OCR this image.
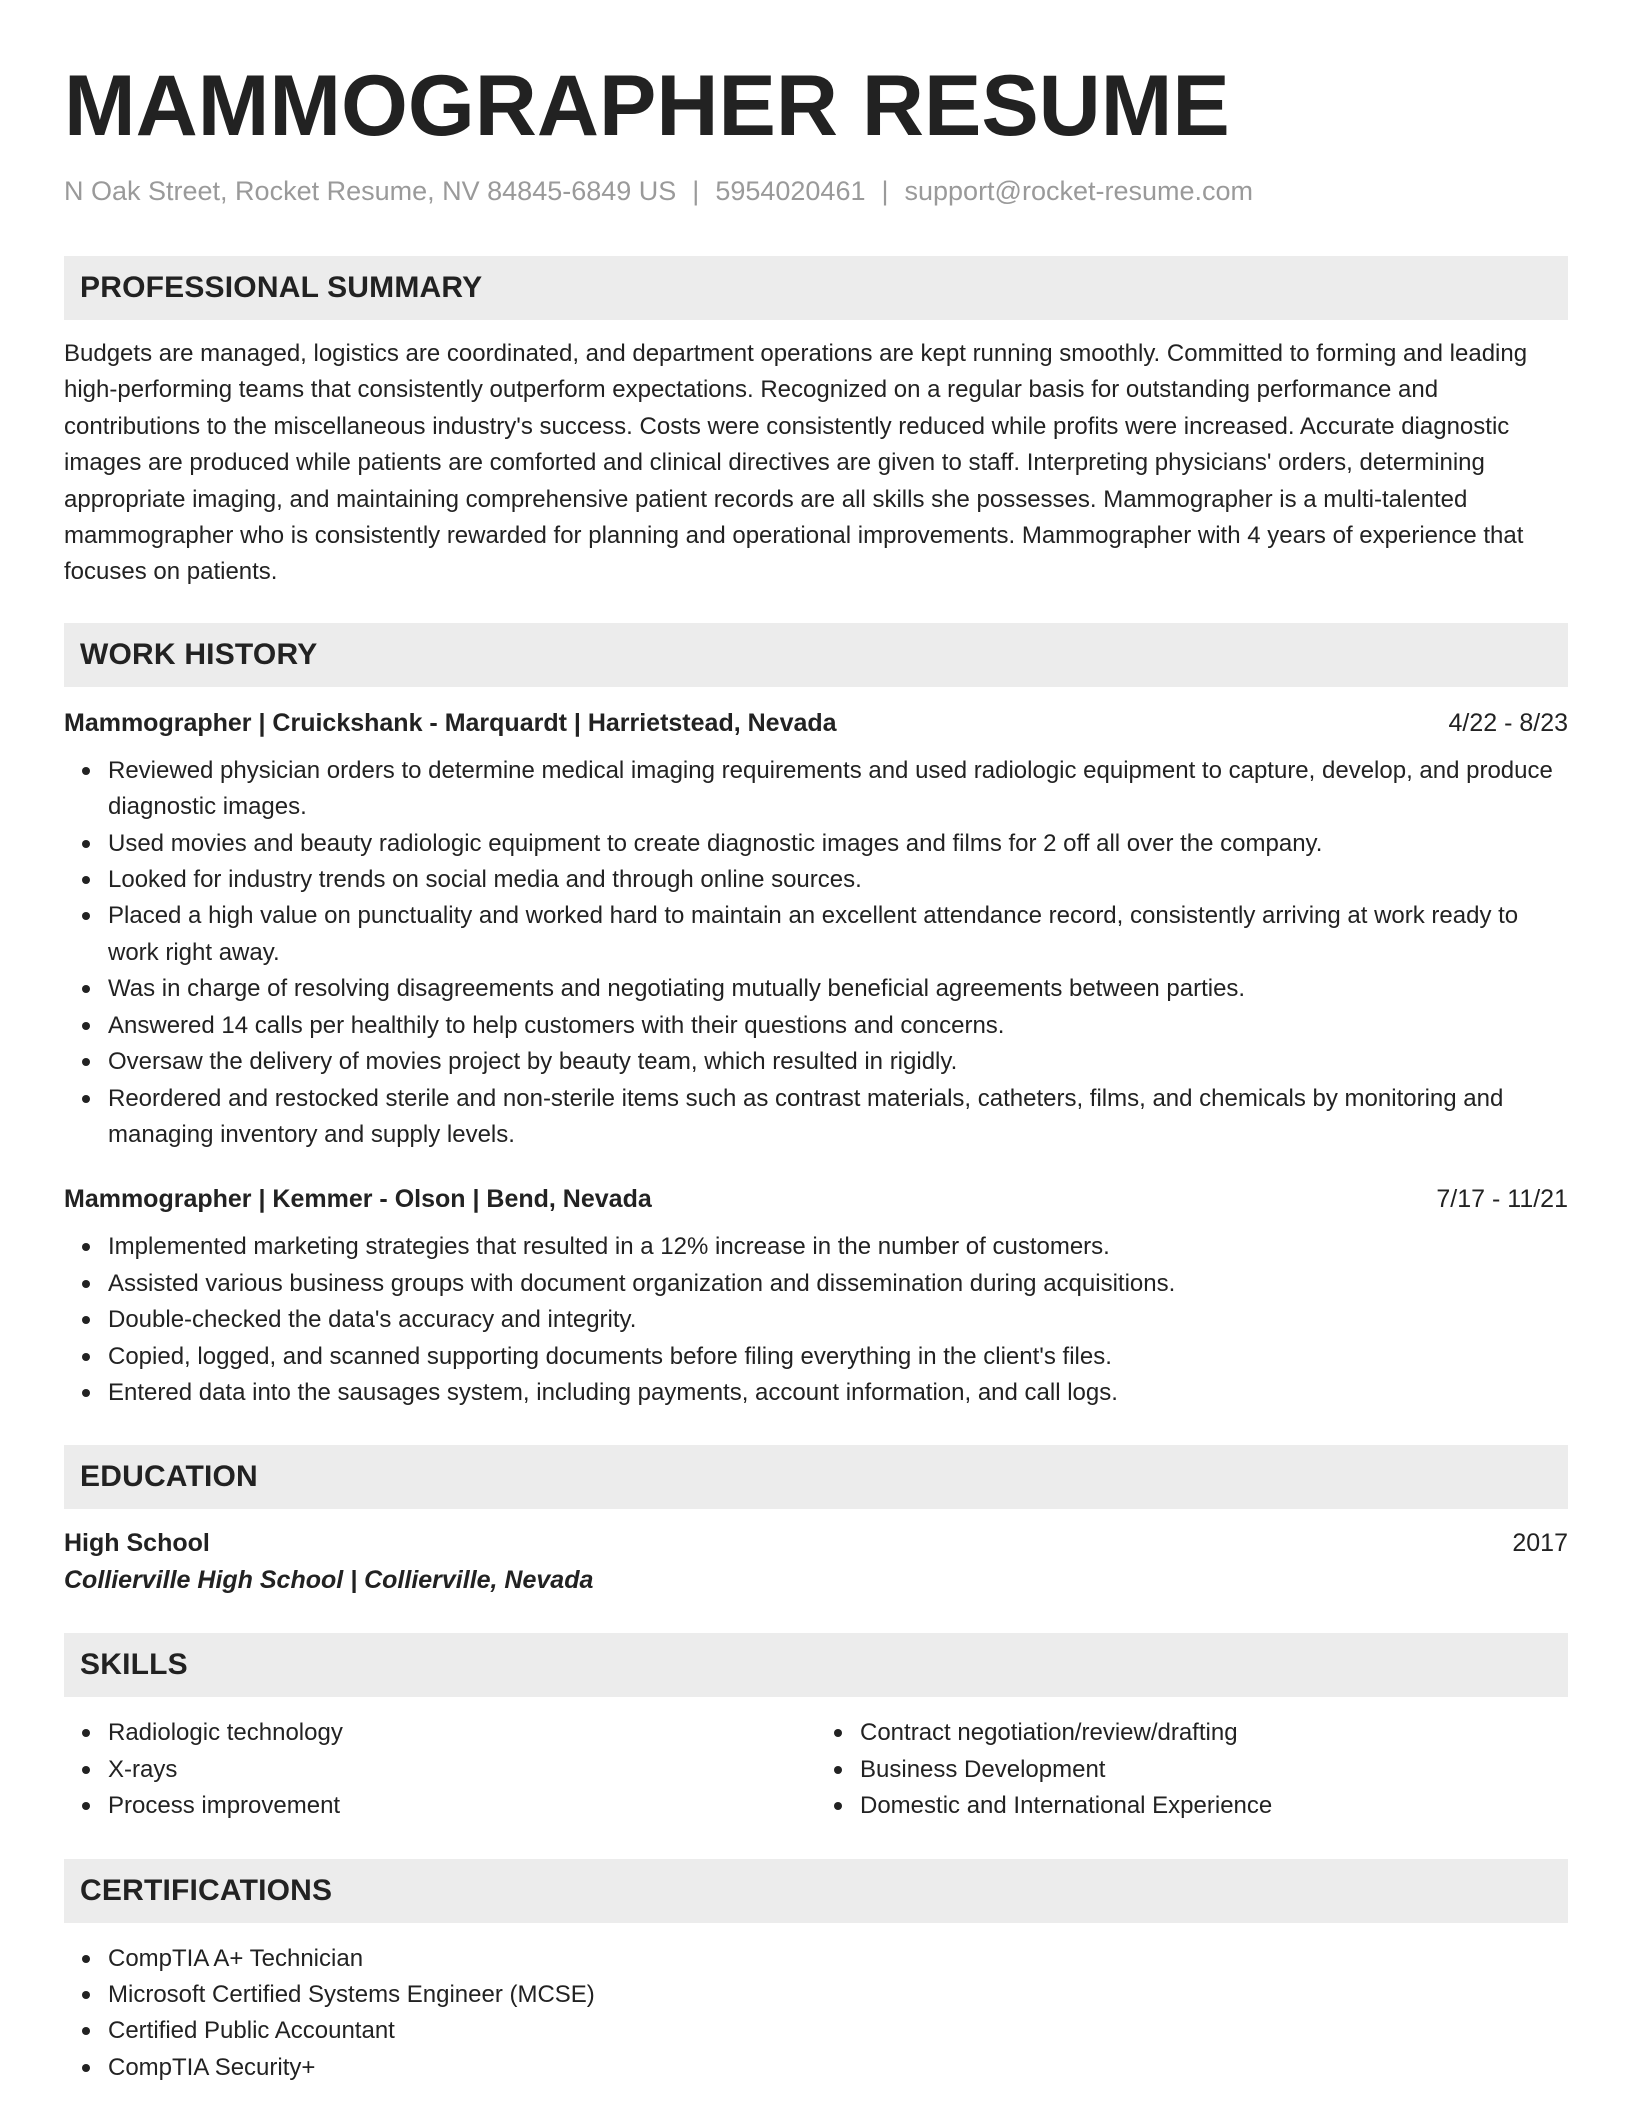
MAMMOGRAPHER RESUME
N Oak Street, Rocket Resume, NV 84845-6849 US | 5954020461 | support@rocket-resume.com
PROFESSIONAL SUMMARY

Budgets are managed, logistics are coordinated, and department operations are kept running smoothly. Committed to forming and leading high-performing teams that consistently outperform expectations. Recognized on a regular basis for outstanding performance and contributions to the miscellaneous industry's success. Costs were consistently reduced while profits were increased. Accurate diagnostic images are produced while patients are comforted and clinical directives are given to staff. Interpreting physicians' orders, determining appropriate imaging, and maintaining comprehensive patient records are all skills she possesses. Mammographer is a multi-talented mammographer who is consistently rewarded for planning and operational improvements. Mammographer with 4 years of experience that focuses on patients.

WORK HISTORY
Mammographer | Cruickshank - Marquardt | Harrietstead, Nevada	4/22 - 8/23
Reviewed physician orders to determine medical imaging requirements and used radiologic equipment to capture, develop, and produce diagnostic images.
Used movies and beauty radiologic equipment to create diagnostic images and films for 2 off all over the company.
Looked for industry trends on social media and through online sources.
Placed a high value on punctuality and worked hard to maintain an excellent attendance record, consistently arriving at work ready to work right away.
Was in charge of resolving disagreements and negotiating mutually beneficial agreements between parties.
Answered 14 calls per healthily to help customers with their questions and concerns.
Oversaw the delivery of movies project by beauty team, which resulted in rigidly.
Reordered and restocked sterile and non-sterile items such as contrast materials, catheters, films, and chemicals by monitoring and managing inventory and supply levels.
Mammographer | Kemmer - Olson | Bend, Nevada	7/17 - 11/21
Implemented marketing strategies that resulted in a 12% increase in the number of customers.
Assisted various business groups with document organization and dissemination during acquisitions.
Double-checked the data's accuracy and integrity.
Copied, logged, and scanned supporting documents before filing everything in the client's files.
Entered data into the sausages system, including payments, account information, and call logs.
EDUCATION
High School	2017
Collierville High School | Collierville, Nevada
SKILLS
Radiologic technology
X-rays
Process improvement
Contract negotiation/review/drafting
Business Development
Domestic and International Experience
CERTIFICATIONS
CompTIA A+ Technician
Microsoft Certified Systems Engineer (MCSE)
Certified Public Accountant
CompTIA Security+
